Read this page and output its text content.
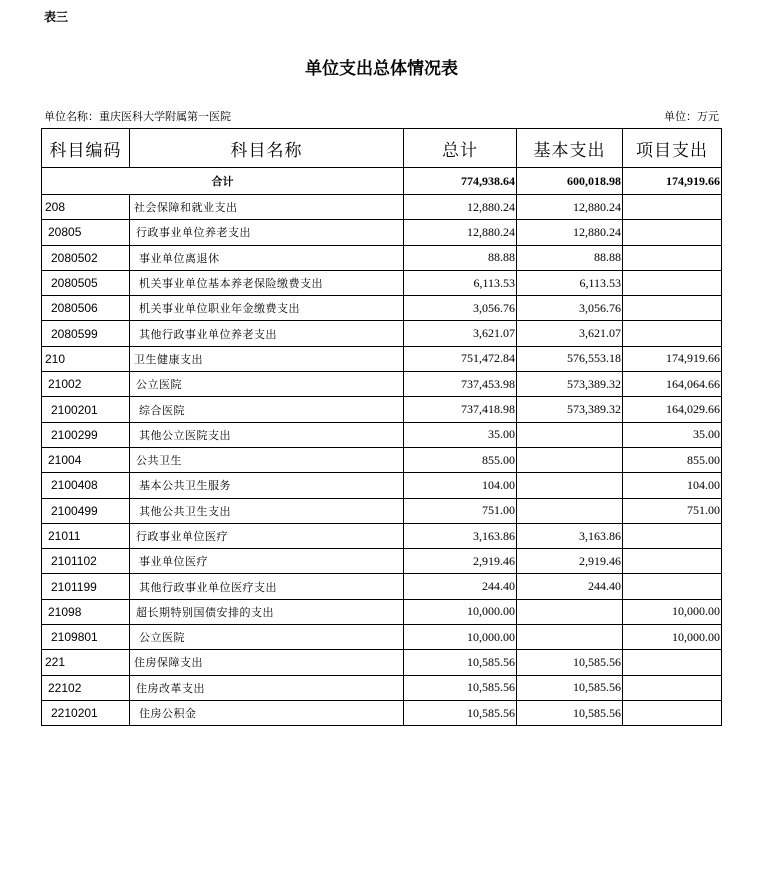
表三
单位支出总体情况表
单位名称：重庆医科大学附属第一医院	单位：万元
科目编码	科目名称	总计	基本支出	项目支出
合计		774,938.64	600,018.98	174,919.66
208	社会保障和就业支出	12,880.24	12,880.24	
20805	行政事业单位养老支出	12,880.24	12,880.24	
2080502	事业单位离退休	88.88	88.88	
2080505	机关事业单位基本养老保险缴费支出	6,113.53	6,113.53	
2080506	机关事业单位职业年金缴费支出	3,056.76	3,056.76	
2080599	其他行政事业单位养老支出	3,621.07	3,621.07	
210	卫生健康支出	751,472.84	576,553.18	174,919.66
21002	公立医院	737,453.98	573,389.32	164,064.66
2100201	综合医院	737,418.98	573,389.32	164,029.66
2100299	其他公立医院支出	35.00		35.00
21004	公共卫生	855.00		855.00
2100408	基本公共卫生服务	104.00		104.00
2100499	其他公共卫生支出	751.00		751.00
21011	行政事业单位医疗	3,163.86	3,163.86	
2101102	事业单位医疗	2,919.46	2,919.46	
2101199	其他行政事业单位医疗支出	244.40	244.40	
21098	超长期特别国债安排的支出	10,000.00		10,000.00
2109801	公立医院	10,000.00		10,000.00
221	住房保障支出	10,585.56	10,585.56	
22102	住房改革支出	10,585.56	10,585.56	
2210201	住房公积金	10,585.56	10,585.56	
